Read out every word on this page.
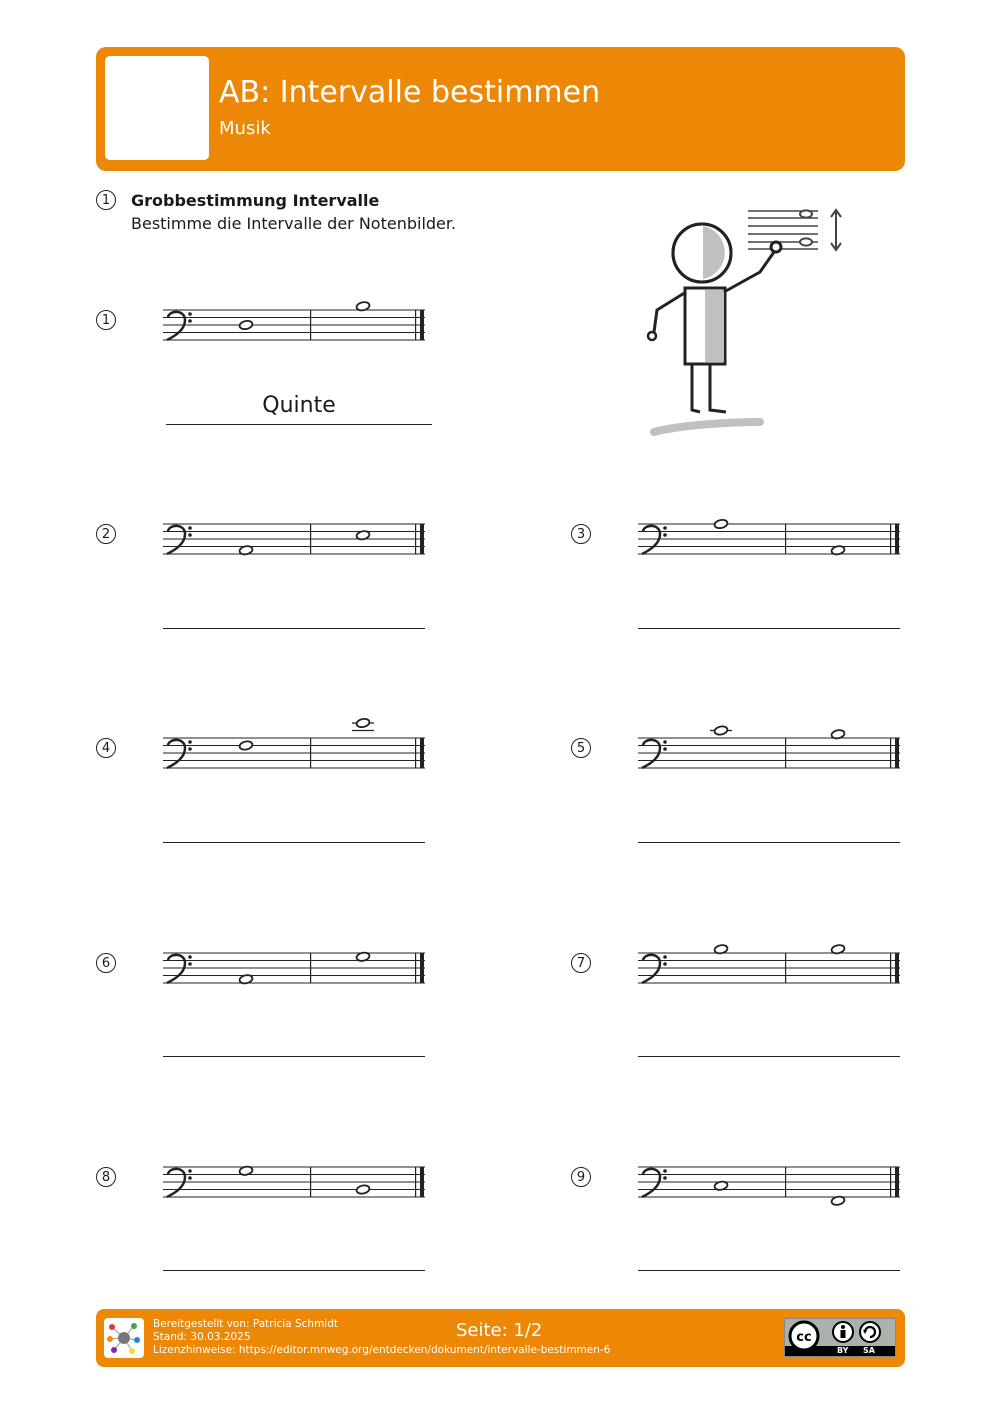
AB: Intervalle bestimmen
Musik
1	Grobbestimmung Intervalle
Bestimme die Intervalle der Notenbilder.
1
Quinte
2	3
4	5
6	7
8	9
Bereitgestellt von: Patricia Schmidt
Stand: 30.03.2025
Lizenzhinweise: https://editor.mnweg.org/entdecken/dokument/intervalle-bestimmen-6
Seite: 1/2	cc
BY SA
